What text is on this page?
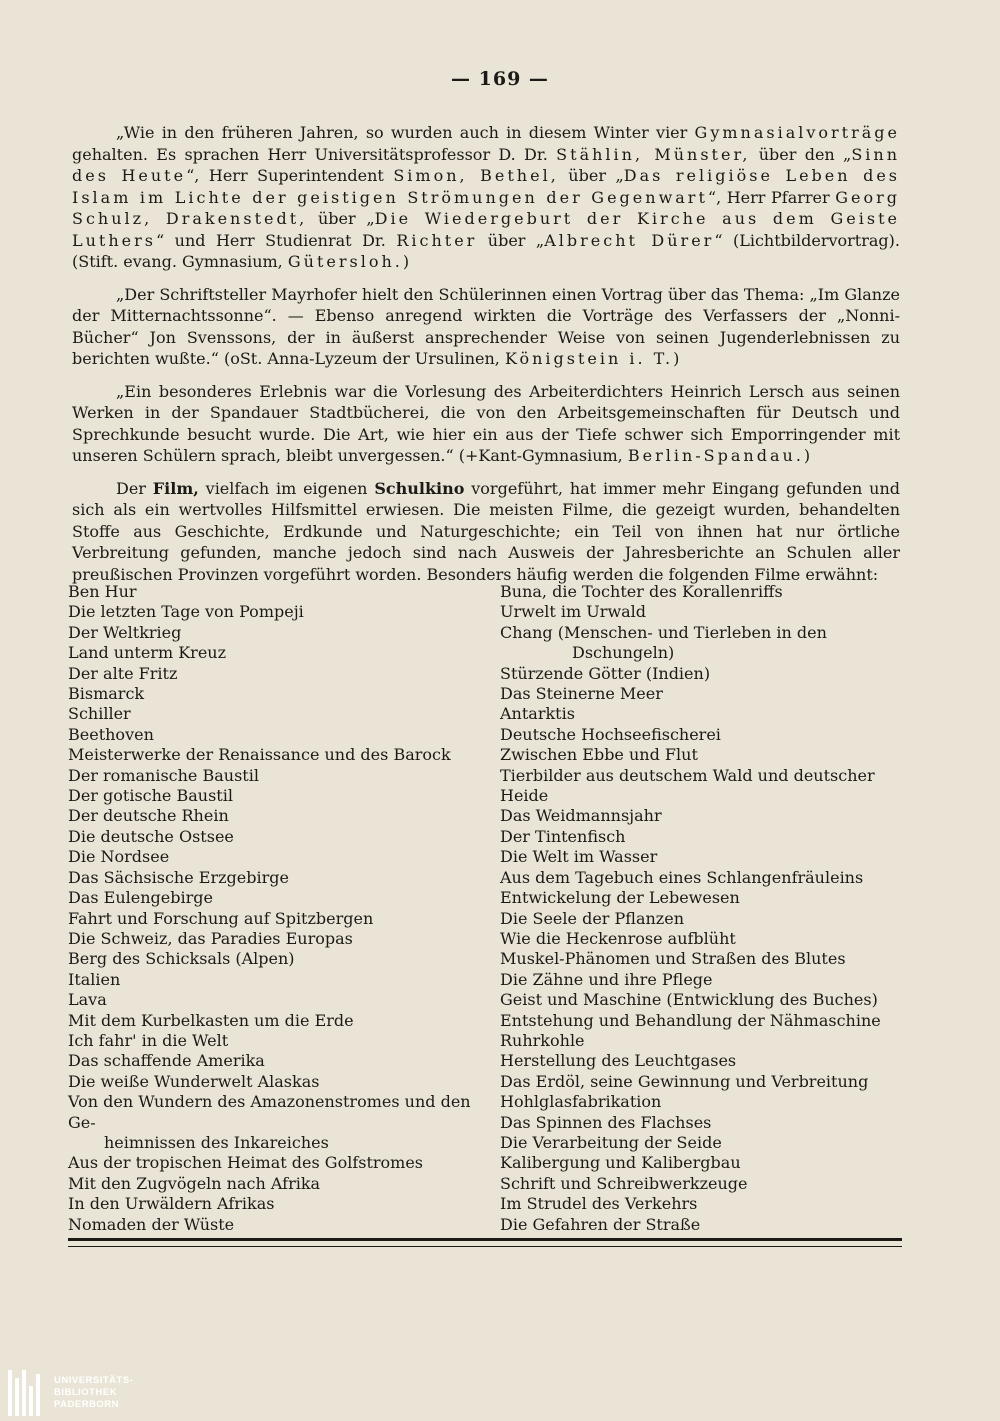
— 169 —

„Wie in den früheren Jahren, so wurden auch in diesem Winter vier Gymnasialvorträge gehalten. Es sprachen Herr Universitätsprofessor D. Dr. Stählin, Münster, über den „Sinn des Heute“, Herr Superintendent Simon, Bethel, über „Das religiöse Leben des Islam im Lichte der geistigen Strömungen der Gegenwart“, Herr Pfarrer Georg Schulz, Drakenstedt, über „Die Wiedergeburt der Kirche aus dem Geiste Luthers“ und Herr Studienrat Dr. Richter über „Albrecht Dürer“ (Lichtbildervortrag). (Stift. evang. Gymnasium, Gütersloh.)

„Der Schriftsteller Mayrhofer hielt den Schülerinnen einen Vortrag über das Thema: „Im Glanze der Mitternachtssonne“. — Ebenso anregend wirkten die Vorträge des Verfassers der „Nonni-Bücher“ Jon Svenssons, der in äußerst ansprechender Weise von seinen Jugenderlebnissen zu berichten wußte.“ (oSt. Anna-Lyzeum der Ursulinen, Königstein i. T.)

„Ein besonderes Erlebnis war die Vorlesung des Arbeiterdichters Heinrich Lersch aus seinen Werken in der Spandauer Stadtbücherei, die von den Arbeitsgemeinschaften für Deutsch und Sprechkunde besucht wurde. Die Art, wie hier ein aus der Tiefe schwer sich Emporringender mit unseren Schülern sprach, bleibt unvergessen.“ (+Kant-Gymnasium, Berlin-Spandau.)

Der Film, vielfach im eigenen Schulkino vorgeführt, hat immer mehr Eingang gefunden und sich als ein wertvolles Hilfsmittel erwiesen. Die meisten Filme, die gezeigt wurden, behandelten Stoffe aus Geschichte, Erdkunde und Naturgeschichte; ein Teil von ihnen hat nur örtliche Verbreitung gefunden, manche jedoch sind nach Ausweis der Jahresberichte an Schulen aller preußischen Provinzen vorgeführt worden. Besonders häufig werden die folgenden Filme erwähnt:

Ben Hur

Die letzten Tage von Pompeji

Der Weltkrieg

Land unterm Kreuz

Der alte Fritz

Bismarck

Schiller

Beethoven

Meisterwerke der Renaissance und des Barock

Der romanische Baustil

Der gotische Baustil

Der deutsche Rhein

Die deutsche Ostsee

Die Nordsee

Das Sächsische Erzgebirge

Das Eulengebirge

Fahrt und Forschung auf Spitzbergen

Die Schweiz, das Paradies Europas

Berg des Schicksals (Alpen)

Italien

Lava

Mit dem Kurbelkasten um die Erde

Ich fahr' in die Welt

Das schaffende Amerika

Die weiße Wunderwelt Alaskas

Von den Wundern des Amazonenstromes und den Ge-
heimnissen des Inkareiches

Aus der tropischen Heimat des Golfstromes

Mit den Zugvögeln nach Afrika

In den Urwäldern Afrikas

Nomaden der Wüste

Buna, die Tochter des Korallenriffs

Urwelt im Urwald

Chang (Menschen- und Tierleben in den
Dschungeln)

Stürzende Götter (Indien)

Das Steinerne Meer

Antarktis

Deutsche Hochseefischerei

Zwischen Ebbe und Flut

Tierbilder aus deutschem Wald und deutscher Heide

Das Weidmannsjahr

Der Tintenfisch

Die Welt im Wasser

Aus dem Tagebuch eines Schlangenfräuleins

Entwickelung der Lebewesen

Die Seele der Pflanzen

Wie die Heckenrose aufblüht

Muskel-Phänomen und Straßen des Blutes

Die Zähne und ihre Pflege

Geist und Maschine (Entwicklung des Buches)

Entstehung und Behandlung der Nähmaschine

Ruhrkohle

Herstellung des Leuchtgases

Das Erdöl, seine Gewinnung und Verbreitung

Hohlglasfabrikation

Das Spinnen des Flachses

Die Verarbeitung der Seide

Kalibergung und Kalibergbau

Schrift und Schreibwerkzeuge

Im Strudel des Verkehrs

Die Gefahren der Straße

UNIVERSITÄTS-
BIBLIOTHEK
PADERBORN
